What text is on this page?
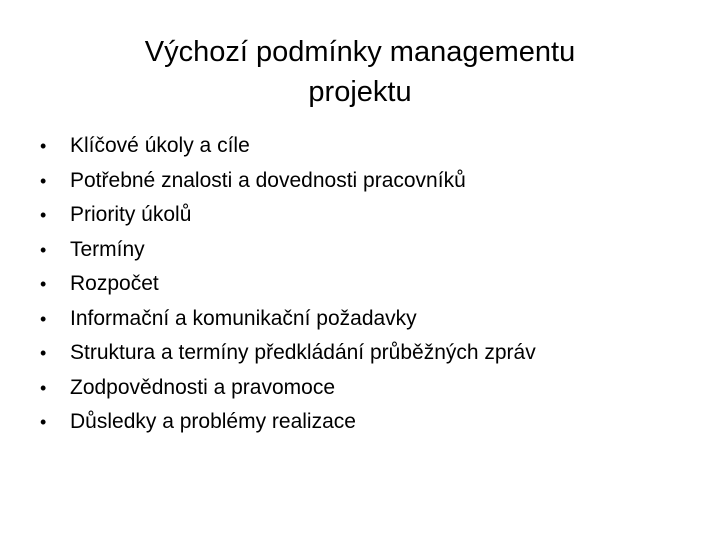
Výchozí podmínky managementu
projektu
•	Klíčové úkoly a cíle
•	Potřebné znalosti a dovednosti pracovníků
•	Priority úkolů
•	Termíny
•	Rozpočet
•	Informační a komunikační požadavky
•	Struktura a termíny předkládání průběžných zpráv
•	Zodpovědnosti a pravomoce
•	Důsledky a problémy realizace
